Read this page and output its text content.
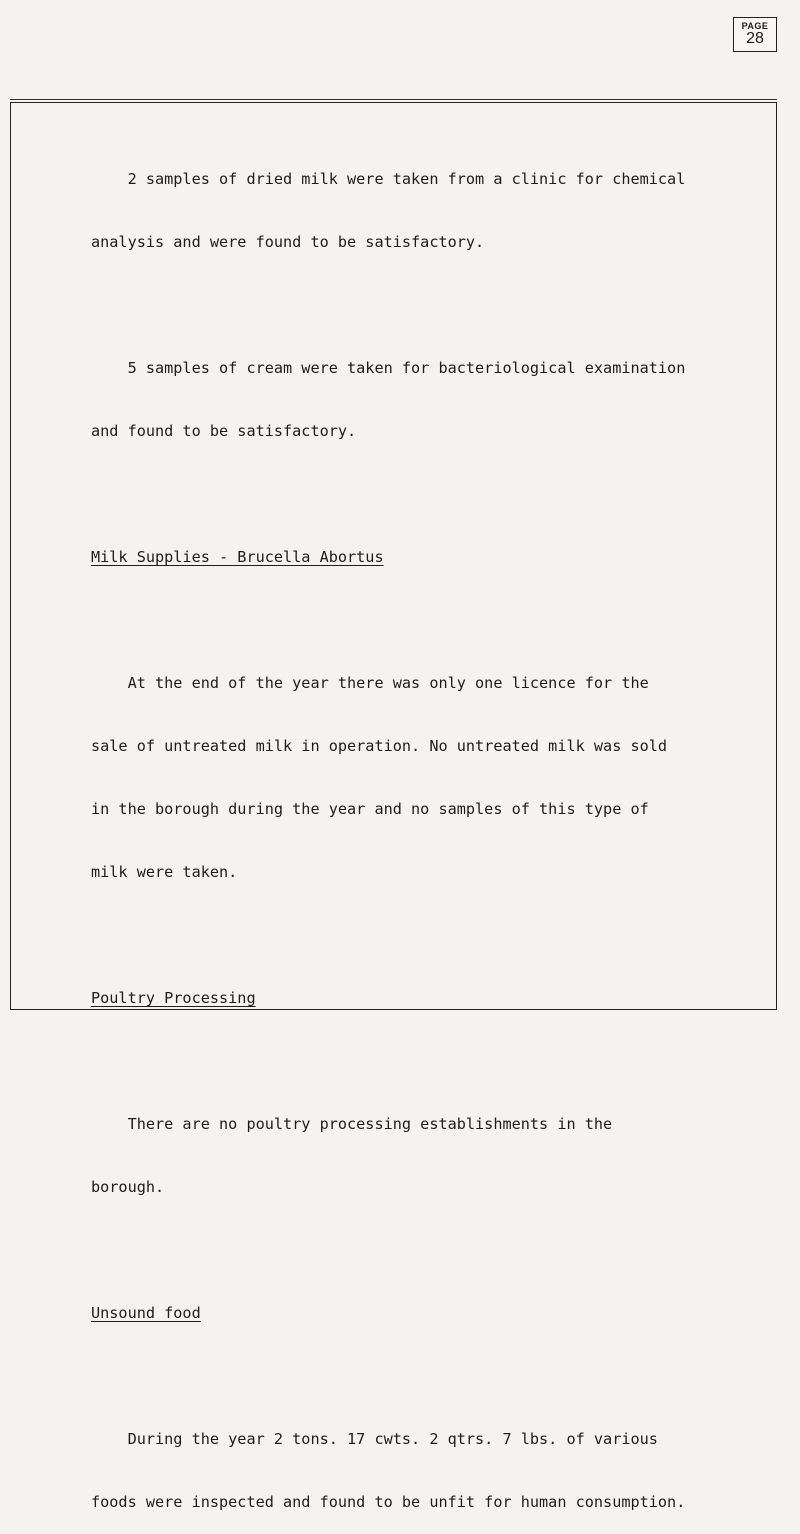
PAGE
28

2 samples of dried milk were taken from a clinic for chemical

analysis and were found to be satisfactory.

5 samples of cream were taken for bacteriological examination

and found to be satisfactory.

Milk Supplies - Brucella Abortus

At the end of the year there was only one licence for the

sale of untreated milk in operation. No untreated milk was sold

in the borough during the year and no samples of this type of

milk were taken.

Poultry Processing

There are no poultry processing establishments in the

borough.

Unsound food

During the year 2 tons. 17 cwts. 2 qtrs. 7 lbs. of various

foods were inspected and found to be unfit for human consumption.
